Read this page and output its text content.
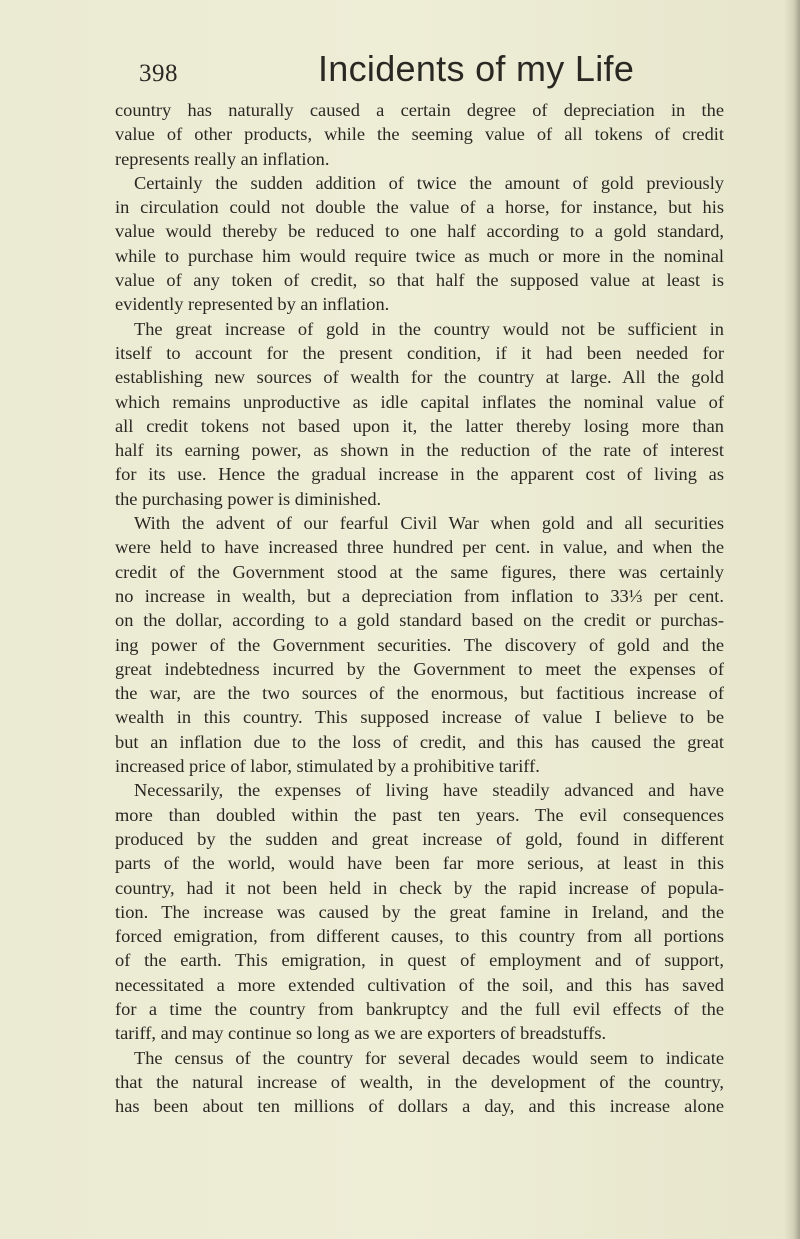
398	Incidents of my Life
country has naturally caused a certain degree of depreciation in the
value of other products, while the seeming value of all tokens of credit
represents really an inflation.
Certainly the sudden addition of twice the amount of gold previously
in circulation could not double the value of a horse, for instance, but his
value would thereby be reduced to one half according to a gold standard,
while to purchase him would require twice as much or more in the nominal
value of any token of credit, so that half the supposed value at least is
evidently represented by an inflation.
The great increase of gold in the country would not be sufficient in
itself to account for the present condition, if it had been needed for
establishing new sources of wealth for the country at large. All the gold
which remains unproductive as idle capital inflates the nominal value of
all credit tokens not based upon it, the latter thereby losing more than
half its earning power, as shown in the reduction of the rate of interest
for its use. Hence the gradual increase in the apparent cost of living as
the purchasing power is diminished.
With the advent of our fearful Civil War when gold and all securities
were held to have increased three hundred per cent. in value, and when the
credit of the Government stood at the same figures, there was certainly
no increase in wealth, but a depreciation from inflation to 33⅓ per cent.
on the dollar, according to a gold standard based on the credit or purchas-
ing power of the Government securities. The discovery of gold and the
great indebtedness incurred by the Government to meet the expenses of
the war, are the two sources of the enormous, but factitious increase of
wealth in this country. This supposed increase of value I believe to be
but an inflation due to the loss of credit, and this has caused the great
increased price of labor, stimulated by a prohibitive tariff.
Necessarily, the expenses of living have steadily advanced and have
more than doubled within the past ten years. The evil consequences
produced by the sudden and great increase of gold, found in different
parts of the world, would have been far more serious, at least in this
country, had it not been held in check by the rapid increase of popula-
tion. The increase was caused by the great famine in Ireland, and the
forced emigration, from different causes, to this country from all portions
of the earth. This emigration, in quest of employment and of support,
necessitated a more extended cultivation of the soil, and this has saved
for a time the country from bankruptcy and the full evil effects of the
tariff, and may continue so long as we are exporters of breadstuffs.
The census of the country for several decades would seem to indicate
that the natural increase of wealth, in the development of the country,
has been about ten millions of dollars a day, and this increase alone
